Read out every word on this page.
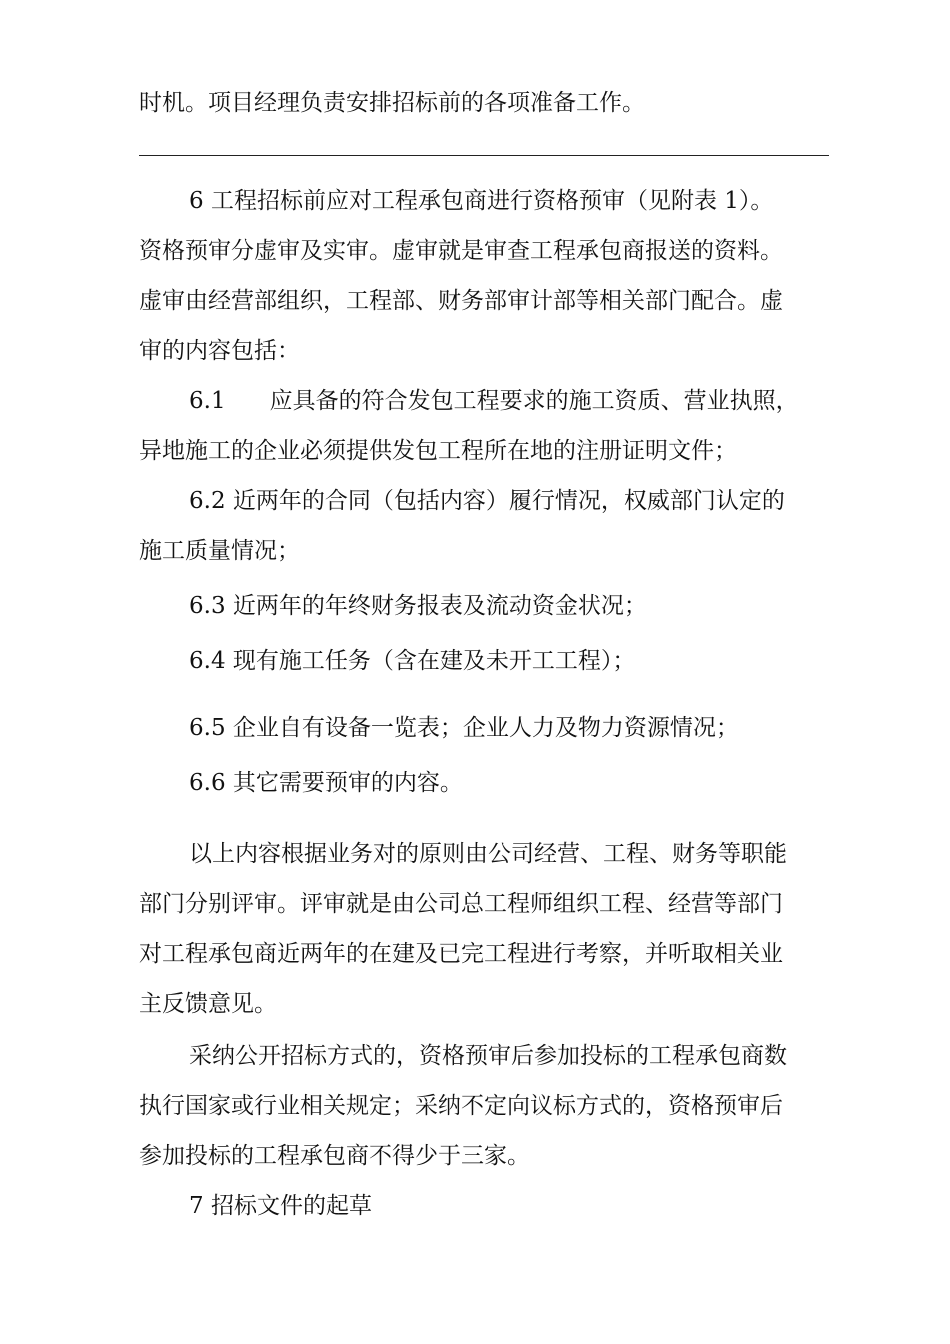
时机。项目经理负责安排招标前的各项准备工作。
6 工程招标前应对工程承包商进行资格预审（见附表 1）。
资格预审分虚审及实审。虚审就是审查工程承包商报送的资料。
虚审由经营部组织，工程部、财务部审计部等相关部门配合。虚
审的内容包括：
6.1 应具备的符合发包工程要求的施工资质、营业执照，
异地施工的企业必须提供发包工程所在地的注册证明文件；
6.2 近两年的合同（包括内容）履行情况，权威部门认定的
施工质量情况；
6.3 近两年的年终财务报表及流动资金状况；
6.4 现有施工任务（含在建及未开工工程）；
6.5 企业自有设备一览表；企业人力及物力资源情况；
6.6 其它需要预审的内容。
以上内容根据业务对的原则由公司经营、工程、财务等职能
部门分别评审。评审就是由公司总工程师组织工程、经营等部门
对工程承包商近两年的在建及已完工程进行考察，并听取相关业
主反馈意见。
采纳公开招标方式的，资格预审后参加投标的工程承包商数
执行国家或行业相关规定；采纳不定向议标方式的，资格预审后
参加投标的工程承包商不得少于三家。
7 招标文件的起草
